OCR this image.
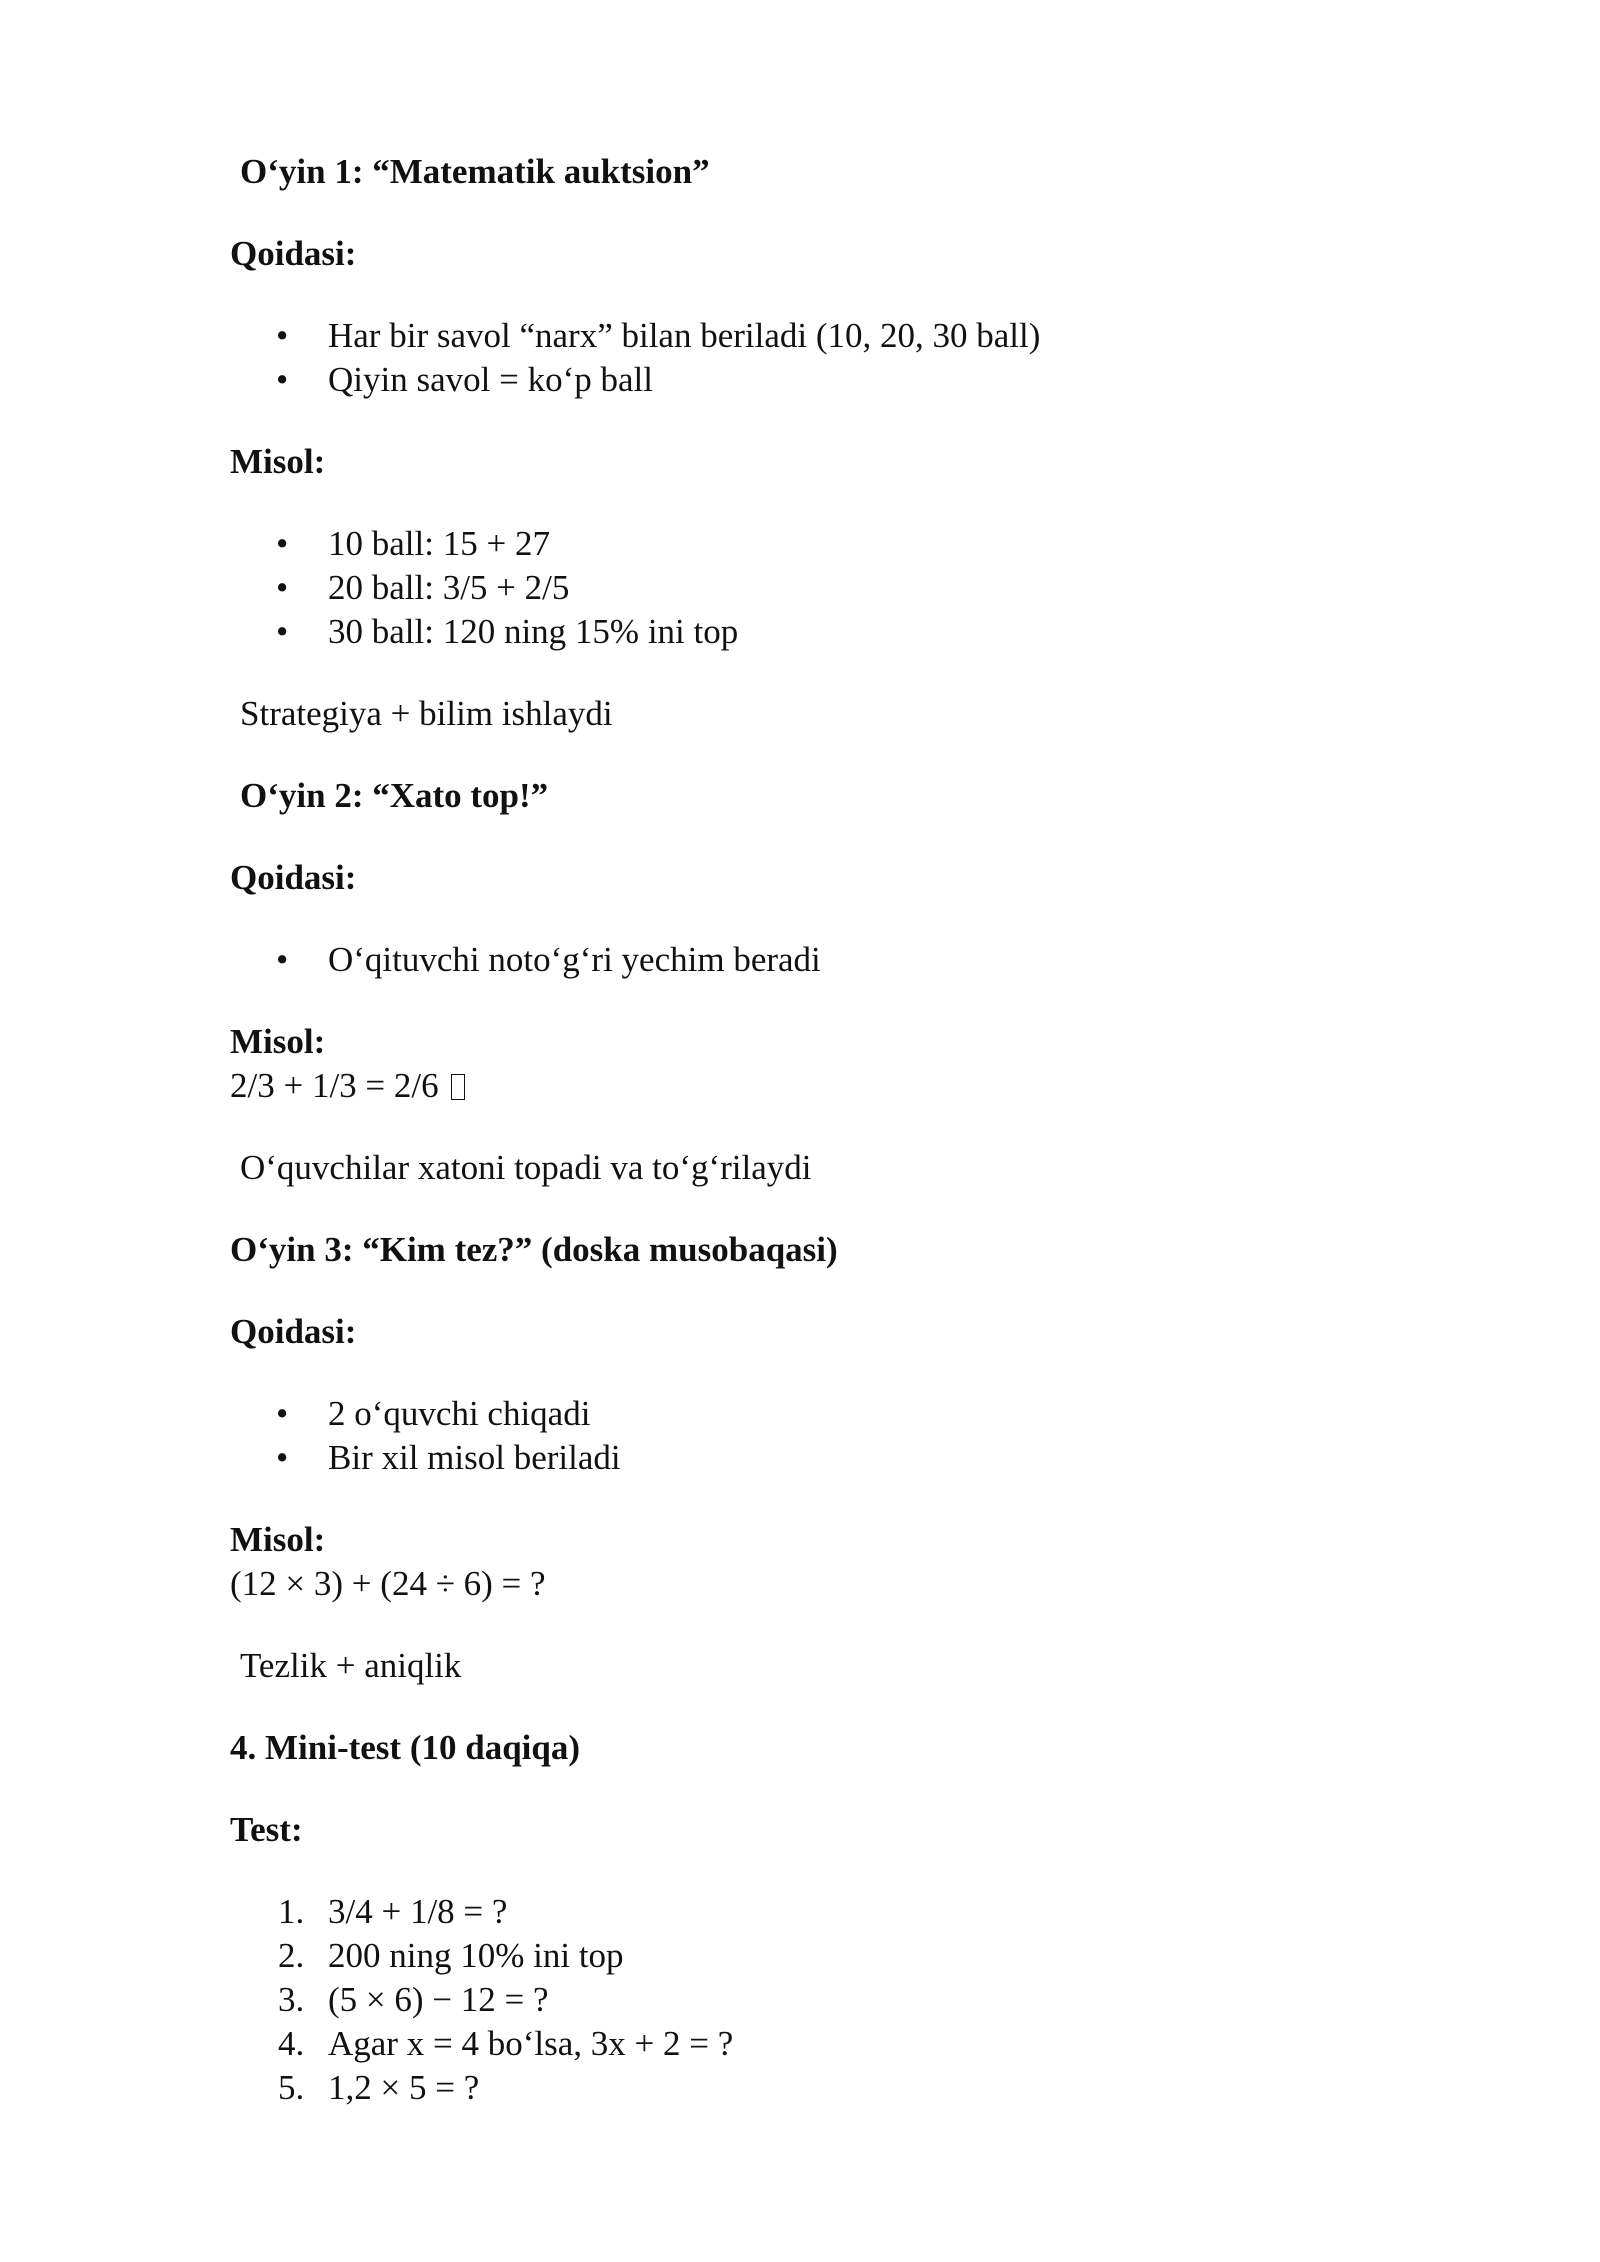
O‘yin 1: “Matematik auktsion”
Qoidasi:
• Har bir savol “narx” bilan beriladi (10, 20, 30 ball)
• Qiyin savol = ko‘p ball
Misol:
• 10 ball: 15 + 27
• 20 ball: 3/5 + 2/5
• 30 ball: 120 ning 15% ini top

Strategiya + bilim ishlaydi

O‘yin 2: “Xato top!”
Qoidasi:
• O‘qituvchi noto‘g‘ri yechim beradi
Misol:

2/3 + 1/3 = 2/6

O‘quvchilar xatoni topadi va to‘g‘rilaydi

O‘yin 3: “Kim tez?” (doska musobaqasi)
Qoidasi:
• 2 o‘quvchi chiqadi
• Bir xil misol beriladi
Misol:

(12 × 3) + (24 ÷ 6) = ?

Tezlik + aniqlik

4. Mini-test (10 daqiqa)
Test:
1. 3/4 + 1/8 = ?
2. 200 ning 10% ini top
3. (5 × 6) − 12 = ?
4. Agar x = 4 bo‘lsa, 3x + 2 = ?
5. 1,2 × 5 = ?
